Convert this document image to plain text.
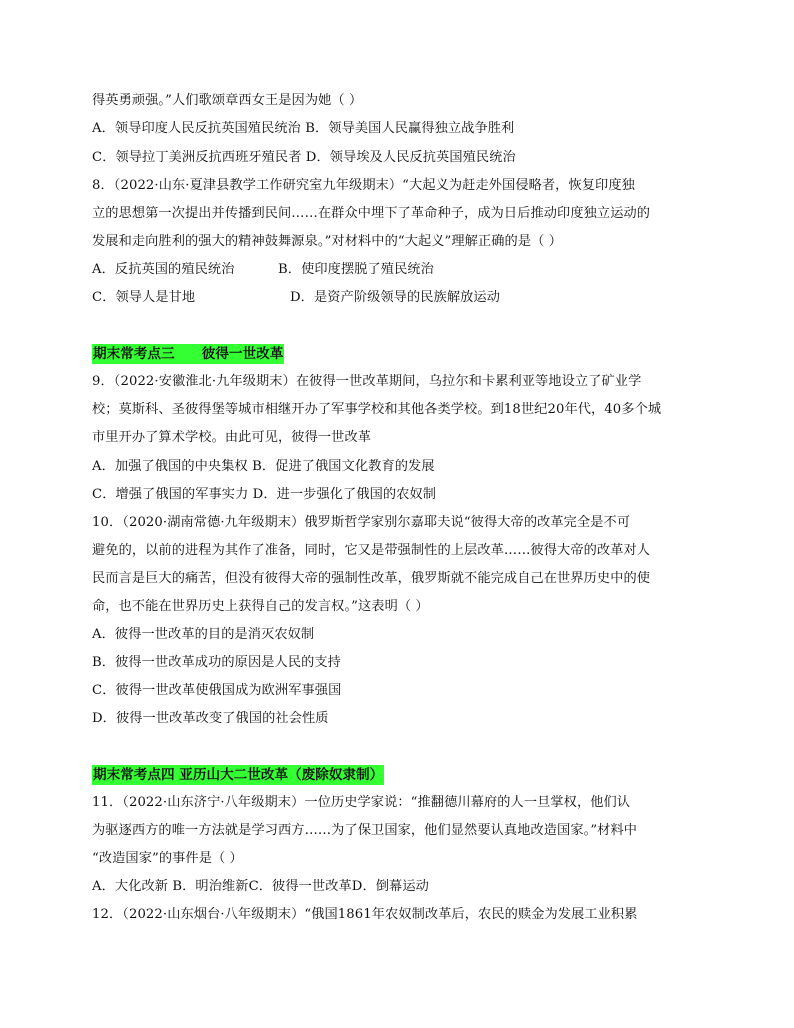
得英勇顽强。”人们歌颂章西女王是因为她（ ）
A．领导印度人民反抗英国殖民统治 B．领导美国人民赢得独立战争胜利
C．领导拉丁美洲反抗西班牙殖民者 D．领导埃及人民反抗英国殖民统治
8．（2022·山东·夏津县教学工作研究室九年级期末）“大起义为赶走外国侵略者，恢复印度独
立的思想第一次提出并传播到民间……在群众中埋下了革命种子，成为日后推动印度独立运动的
发展和走向胜利的强大的精神鼓舞源泉。”对材料中的“大起义”理解正确的是（ ）
A．反抗英国的殖民统治	B．使印度摆脱了殖民统治
C．领导人是甘地	D．是资产阶级领导的民族解放运动
期末常考点三　　彼得一世改革
9．（2022·安徽淮北·九年级期末）在彼得一世改革期间，乌拉尔和卡累利亚等地设立了矿业学
校；莫斯科、圣彼得堡等城市相继开办了军事学校和其他各类学校。到18世纪20年代，40多个城
市里开办了算术学校。由此可见，彼得一世改革
A．加强了俄国的中央集权 B．促进了俄国文化教育的发展
C．增强了俄国的军事实力 D．进一步强化了俄国的农奴制
10．（2020·湖南常德·九年级期末）俄罗斯哲学家别尔嘉耶夫说“彼得大帝的改革完全是不可
避免的，以前的进程为其作了准备，同时，它又是带强制性的上层改革……彼得大帝的改革对人
民而言是巨大的痛苦，但没有彼得大帝的强制性改革，俄罗斯就不能完成自己在世界历史中的使
命，也不能在世界历史上获得自己的发言权。”这表明（ ）
A．彼得一世改革的目的是消灭农奴制
B．彼得一世改革成功的原因是人民的支持
C．彼得一世改革使俄国成为欧洲军事强国
D．彼得一世改革改变了俄国的社会性质
期末常考点四 亚历山大二世改革（废除奴隶制）
11．（2022·山东济宁·八年级期末）一位历史学家说：“推翻德川幕府的人一旦掌权，他们认
为驱逐西方的唯一方法就是学习西方……为了保卫国家，他们显然要认真地改造国家。”材料中
“改造国家”的事件是（ ）
A．大化改新 B．明治维新C．彼得一世改革D．倒幕运动
12．（2022·山东烟台·八年级期末）“俄国1861年农奴制改革后，农民的赎金为发展工业积累
